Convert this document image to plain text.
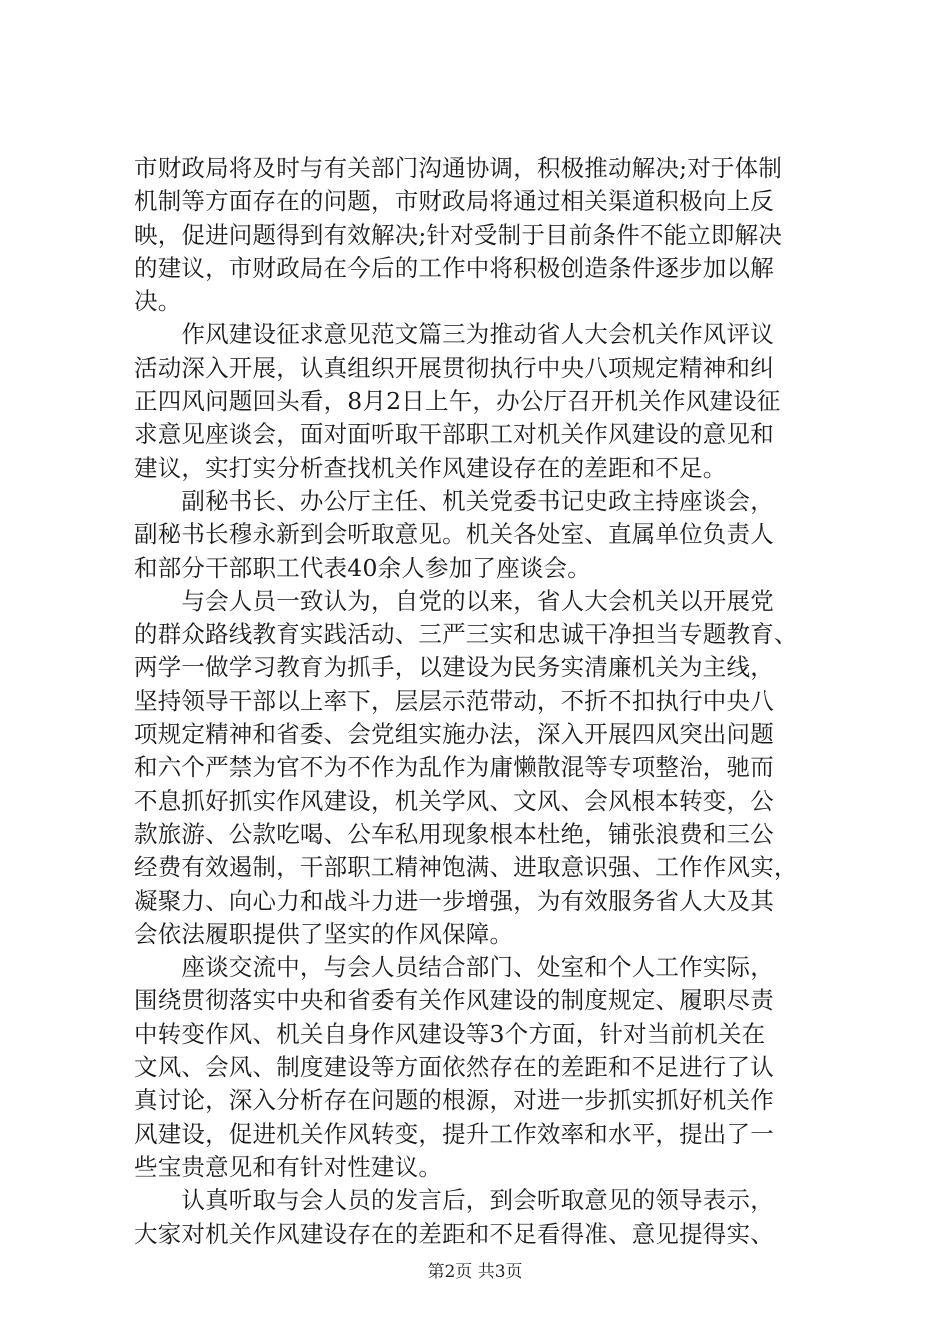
市财政局将及时与有关部门沟通协调，积极推动解决;对于体制
机制等方面存在的问题，市财政局将通过相关渠道积极向上反
映，促进问题得到有效解决;针对受制于目前条件不能立即解决
的建议，市财政局在今后的工作中将积极创造条件逐步加以解
决。
　　作风建设征求意见范文篇三为推动省人大会机关作风评议
活动深入开展，认真组织开展贯彻执行中央八项规定精神和纠
正四风问题回头看，8月2日上午，办公厅召开机关作风建设征
求意见座谈会，面对面听取干部职工对机关作风建设的意见和
建议，实打实分析查找机关作风建设存在的差距和不足。
　　副秘书长、办公厅主任、机关党委书记史政主持座谈会，
副秘书长穆永新到会听取意见。机关各处室、直属单位负责人
和部分干部职工代表40余人参加了座谈会。
　　与会人员一致认为，自党的以来，省人大会机关以开展党
的群众路线教育实践活动、三严三实和忠诚干净担当专题教育、
两学一做学习教育为抓手，以建设为民务实清廉机关为主线，
坚持领导干部以上率下，层层示范带动，不折不扣执行中央八
项规定精神和省委、会党组实施办法，深入开展四风突出问题
和六个严禁为官不为不作为乱作为庸懒散混等专项整治，驰而
不息抓好抓实作风建设，机关学风、文风、会风根本转变，公
款旅游、公款吃喝、公车私用现象根本杜绝，铺张浪费和三公
经费有效遏制，干部职工精神饱满、进取意识强、工作作风实，
凝聚力、向心力和战斗力进一步增强，为有效服务省人大及其
会依法履职提供了坚实的作风保障。
　　座谈交流中，与会人员结合部门、处室和个人工作实际，
围绕贯彻落实中央和省委有关作风建设的制度规定、履职尽责
中转变作风、机关自身作风建设等3个方面，针对当前机关在
文风、会风、制度建设等方面依然存在的差距和不足进行了认
真讨论，深入分析存在问题的根源，对进一步抓实抓好机关作
风建设，促进机关作风转变，提升工作效率和水平，提出了一
些宝贵意见和有针对性建议。
　　认真听取与会人员的发言后，到会听取意见的领导表示，
大家对机关作风建设存在的差距和不足看得准、意见提得实、
第2页 共3页
